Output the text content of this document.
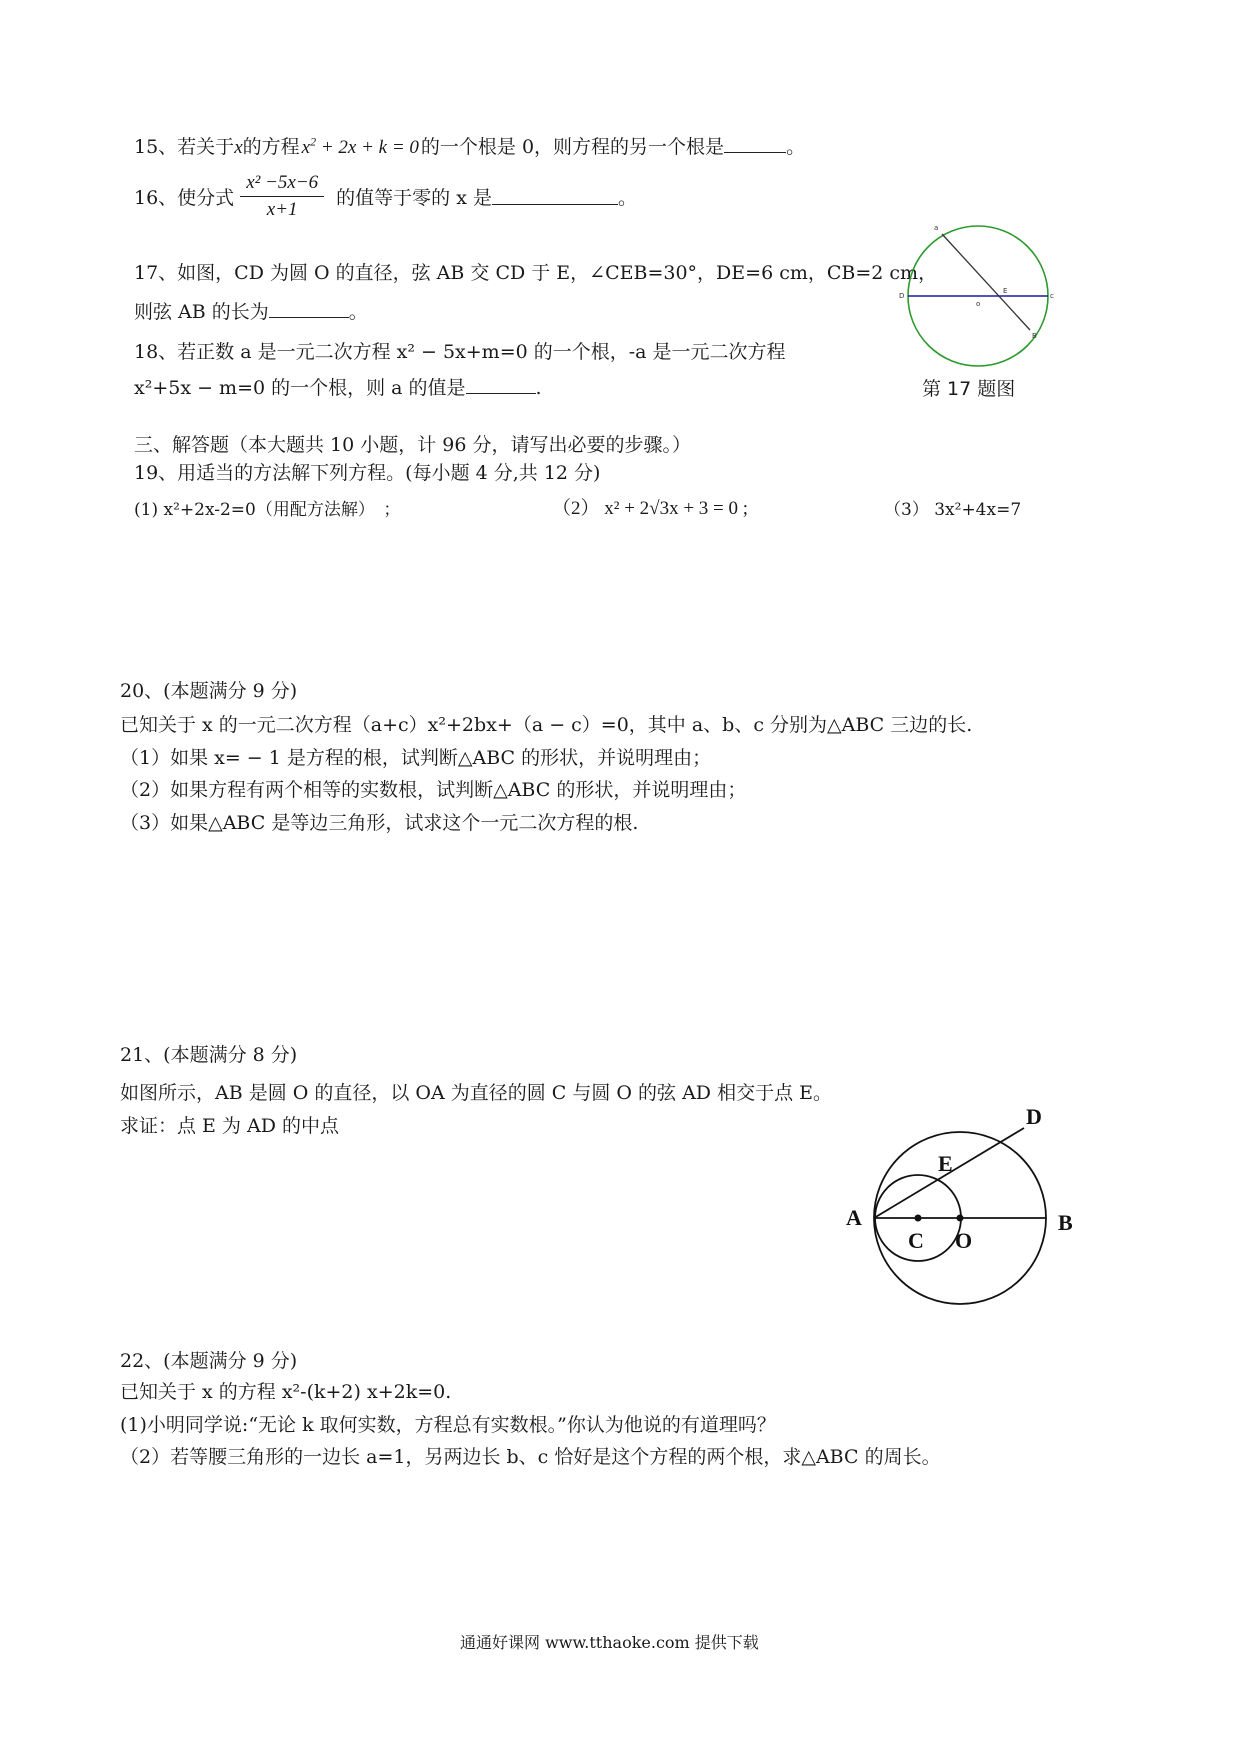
15、若关于x的方程 $x^2 + 2x + k = 0$ 的一个根是 0，则方程的另一个根是	。
16、使分式 $\frac{\text{x² −5x−6}}{x+1}$ 的值等于零的 x 是	。
17、如图，CD 为圆 O 的直径，弦 AB 交 CD 于 E，∠CEB=30°，DE=6 cm，CB=2 cm，
则弦 AB 的长为	。
a
B
c
D
o
E
第 17 题图
18、若正数 a 是一元二次方程 x² − 5x+m=0 的一个根，-a 是一元二次方程
x²+5x − m=0 的一个根，则 a 的值是	.
三、解答题（本大题共 10 小题，计 96 分，请写出必要的步骤。）
19、用适当的方法解下列方程。(每小题 4 分,共 12 分)
(1) x²+2x-2=0（用配方法解）　；	（2） x² + 2√3x + 3 = 0 ;	（3） 3x²+4x=7
20、(本题满分 9 分)
已知关于 x 的一元二次方程（a+c）x²+2bx+（a − c）=0，其中 a、b、c 分别为△ABC 三边的长.
（1）如果 x= − 1 是方程的根，试判断△ABC 的形状，并说明理由；
（2）如果方程有两个相等的实数根，试判断△ABC 的形状，并说明理由；
（3）如果△ABC 是等边三角形，试求这个一元二次方程的根.
21、(本题满分 8 分)
如图所示，AB 是圆 O 的直径，以 OA 为直径的圆 C 与圆 O 的弦 AD 相交于点 E。
求证：点 E 为 AD 的中点
A	B
C O
D
E
22、(本题满分 9 分)
已知关于 x 的方程 x²-(k+2) x+2k=0.
(1)小明同学说:“无论 k 取何实数，方程总有实数根。”你认为他说的有道理吗？
（2）若等腰三角形的一边长 a=1，另两边长 b、c 恰好是这个方程的两个根，求△ABC 的周长。
通通好课网 www.tthaoke.com 提供下载
